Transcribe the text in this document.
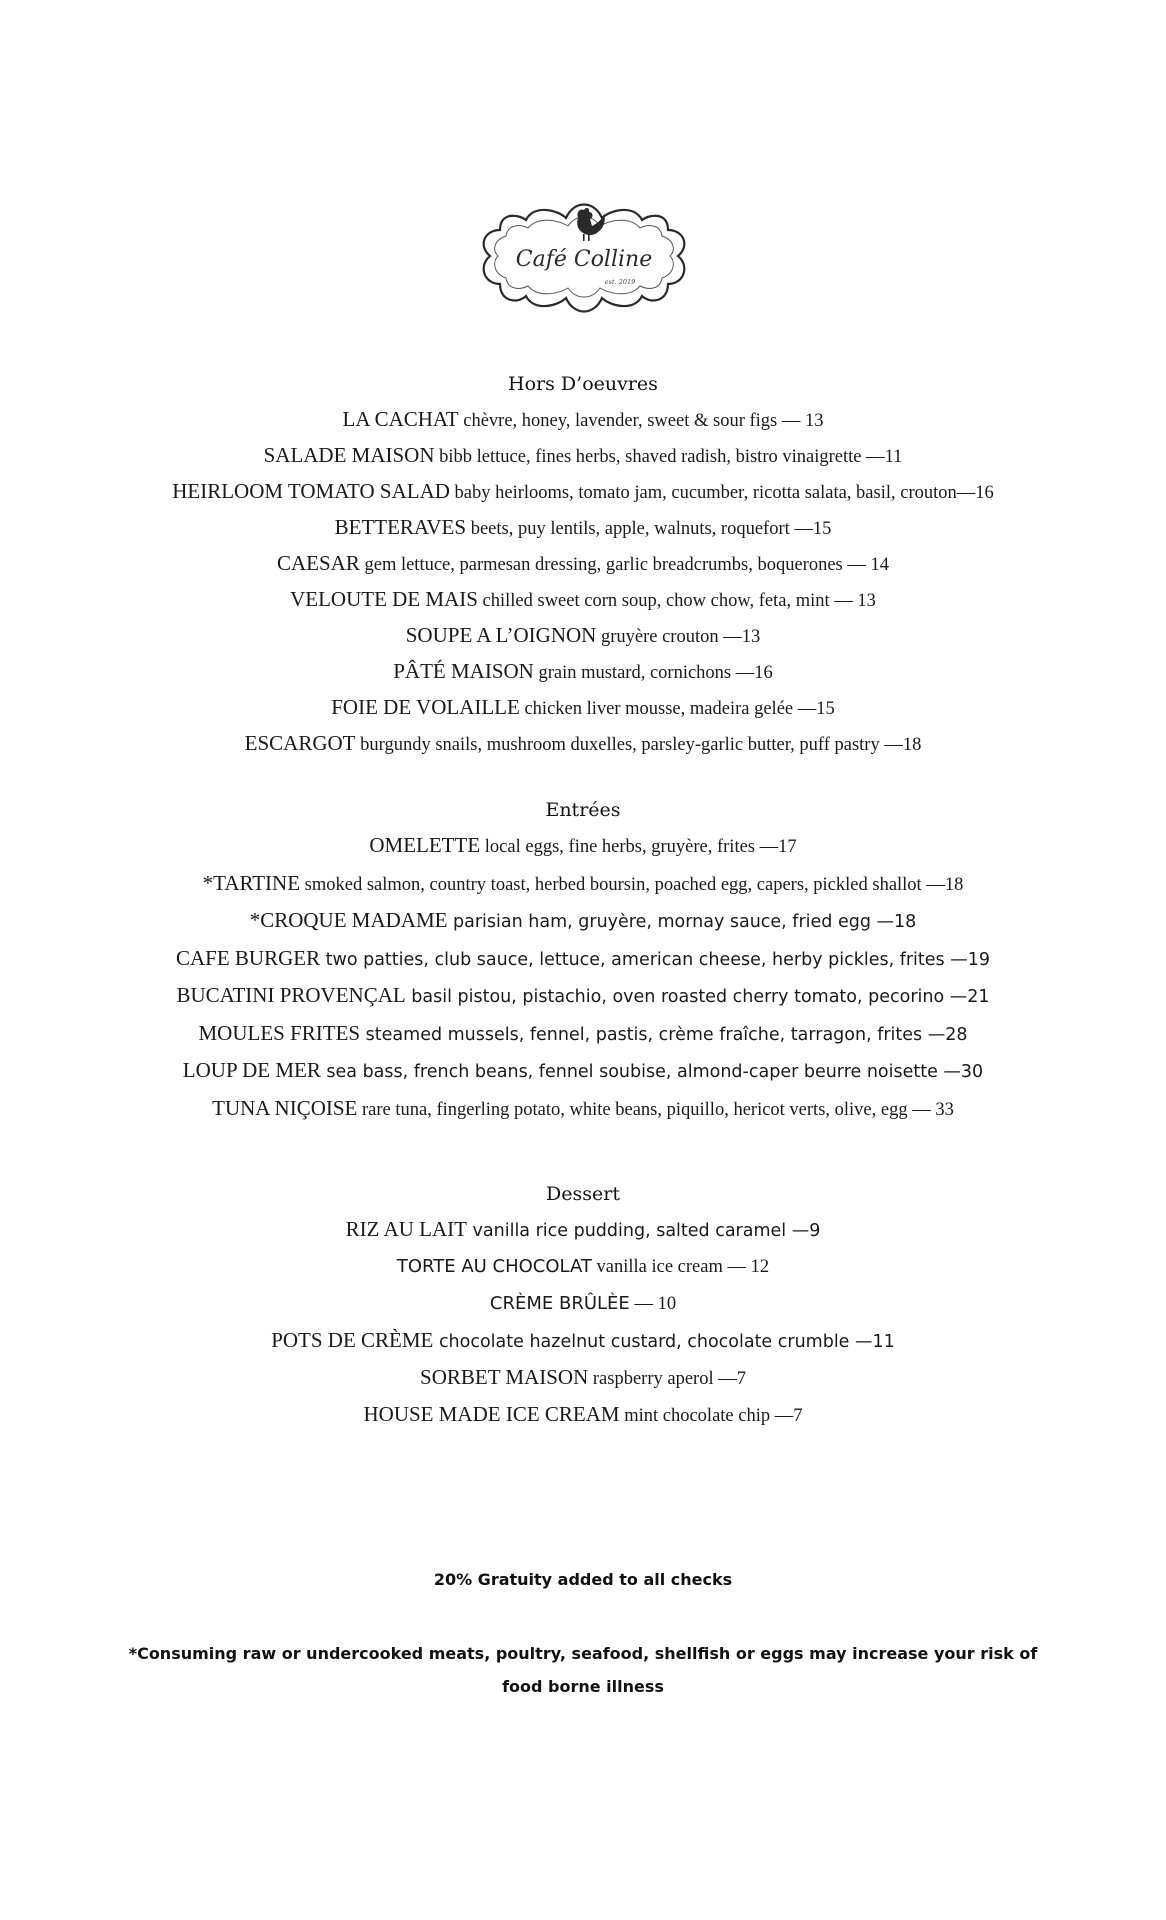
Café Colline
est. 2019
Hors D’oeuvres
LA CACHAT chèvre, honey, lavender, sweet & sour figs — 13
SALADE MAISON bibb lettuce, fines herbs, shaved radish, bistro vinaigrette —11
HEIRLOOM TOMATO SALAD baby heirlooms, tomato jam, cucumber, ricotta salata, basil, crouton—16
BETTERAVES beets, puy lentils, apple, walnuts, roquefort —15
CAESAR gem lettuce, parmesan dressing, garlic breadcrumbs, boquerones — 14
VELOUTE DE MAIS chilled sweet corn soup, chow chow, feta, mint — 13
SOUPE A L’OIGNON gruyère crouton —13
PÂTÉ MAISON grain mustard, cornichons —16
FOIE DE VOLAILLE chicken liver mousse, madeira gelée —15
ESCARGOT burgundy snails, mushroom duxelles, parsley-garlic butter, puff pastry —18
Entrées
OMELETTE local eggs, fine herbs, gruyère, frites —17
*TARTINE smoked salmon, country toast, herbed boursin, poached egg, capers, pickled shallot —18
*CROQUE MADAME parisian ham, gruyère, mornay sauce, fried egg —18
CAFE BURGER two patties, club sauce, lettuce, american cheese, herby pickles, frites —19
BUCATINI PROVENÇAL basil pistou, pistachio, oven roasted cherry tomato, pecorino —21
MOULES FRITES steamed mussels, fennel, pastis, crème fraîche, tarragon, frites —28
LOUP DE MER sea bass, french beans, fennel soubise, almond-caper beurre noisette —30
TUNA NIÇOISE rare tuna, fingerling potato, white beans, piquillo, hericot verts, olive, egg — 33
Dessert
RIZ AU LAIT vanilla rice pudding, salted caramel —9
TORTE AU CHOCOLAT vanilla ice cream — 12
CRÈME BRÛLÈE — 10
POTS DE CRÈME chocolate hazelnut custard, chocolate crumble —11
SORBET MAISON raspberry aperol —7
HOUSE MADE ICE CREAM mint chocolate chip —7
20% Gratuity added to all checks
*Consuming raw or undercooked meats, poultry, seafood, shellfish or eggs may increase your risk of
food borne illness
